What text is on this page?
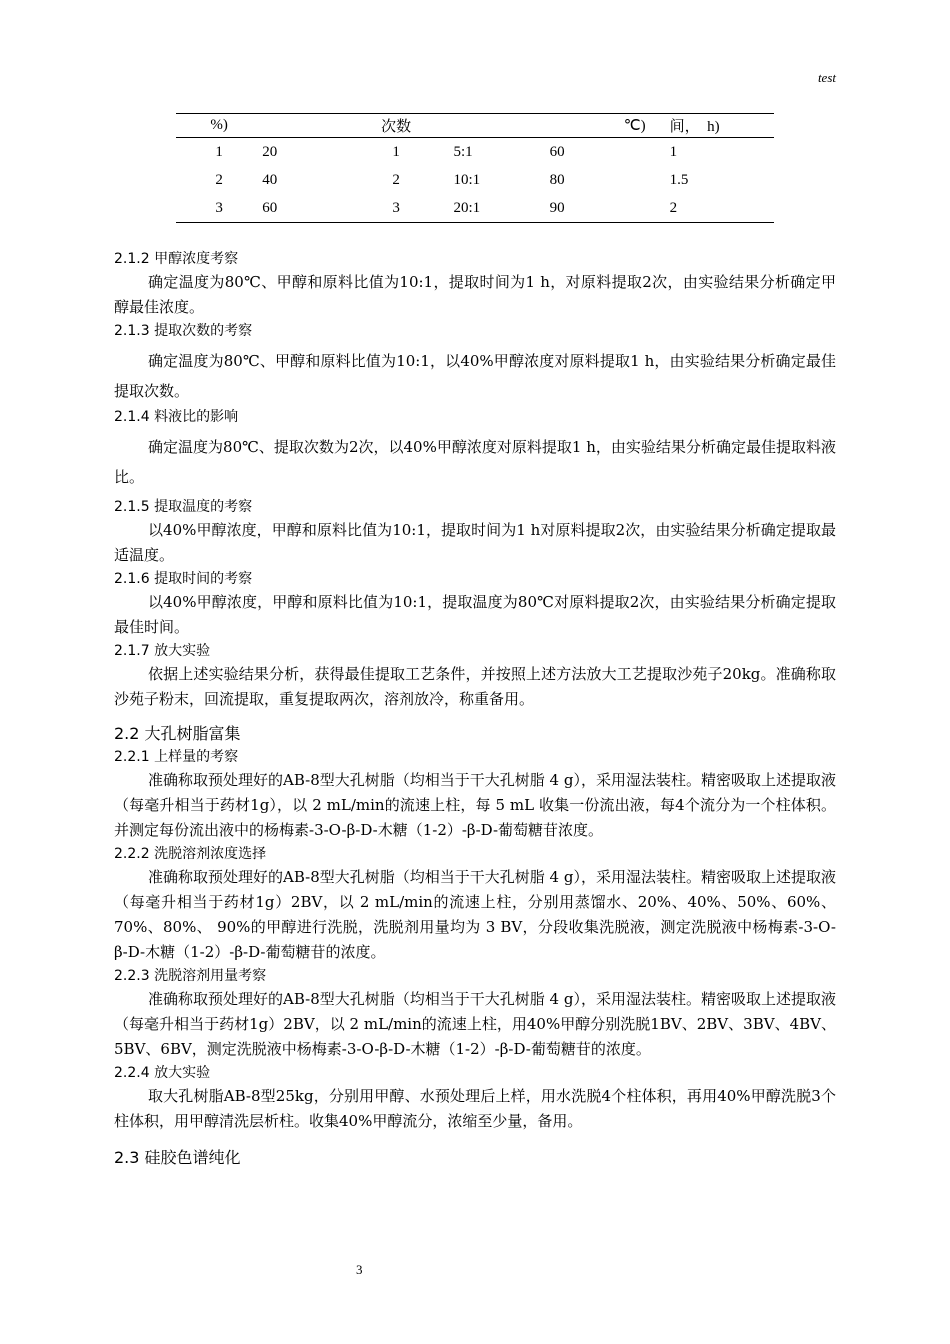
test
%)		次数		℃)	间，　h)
1	20	1	5:1	60	1
2	40	2	10:1	80	1.5
3	60	3	20:1	90	2
2.1.2 甲醇浓度考察

确定温度为80℃、甲醇和原料比值为10:1，提取时间为1 h，对原料提取2次，由实验结果分析确定甲醇最佳浓度。

2.1.3 提取次数的考察

确定温度为80℃、甲醇和原料比值为10:1，以40%甲醇浓度对原料提取1 h，由实验结果分析确定最佳提取次数。

2.1.4 料液比的影响

确定温度为80℃、提取次数为2次，以40%甲醇浓度对原料提取1 h，由实验结果分析确定最佳提取料液比。

2.1.5 提取温度的考察

以40%甲醇浓度，甲醇和原料比值为10:1，提取时间为1 h对原料提取2次，由实验结果分析确定提取最适温度。

2.1.6 提取时间的考察

以40%甲醇浓度，甲醇和原料比值为10:1，提取温度为80℃对原料提取2次，由实验结果分析确定提取最佳时间。

2.1.7 放大实验

依据上述实验结果分析，获得最佳提取工艺条件，并按照上述方法放大工艺提取沙苑子20kg。准确称取沙苑子粉末，回流提取，重复提取两次，溶剂放冷，称重备用。

2.2 大孔树脂富集
2.2.1 上样量的考察

准确称取预处理好的AB-8型大孔树脂（均相当于干大孔树脂 4 g），采用湿法装柱。精密吸取上述提取液（每毫升相当于药材1g），以 2 mL/min的流速上柱，每 5 mL 收集一份流出液，每4个流分为一个柱体积。并测定每份流出液中的杨梅素-3-O-β-D-木糖（1-2）-β-D-葡萄糖苷浓度。

2.2.2 洗脱溶剂浓度选择

准确称取预处理好的AB-8型大孔树脂（均相当于干大孔树脂 4 g），采用湿法装柱。精密吸取上述提取液（每毫升相当于药材1g）2BV，以 2 mL/min的流速上柱，分别用蒸馏水、20%、40%、50%、60%、70%、80%、 90%的甲醇进行洗脱，洗脱剂用量均为 3 BV，分段收集洗脱液，测定洗脱液中杨梅素-3-O-β-D-木糖（1-2）-β-D-葡萄糖苷的浓度。

2.2.3 洗脱溶剂用量考察

准确称取预处理好的AB-8型大孔树脂（均相当于干大孔树脂 4 g），采用湿法装柱。精密吸取上述提取液（每毫升相当于药材1g）2BV，以 2 mL/min的流速上柱，用40%甲醇分别洗脱1BV、2BV、3BV、4BV、5BV、6BV，测定洗脱液中杨梅素-3-O-β-D-木糖（1-2）-β-D-葡萄糖苷的浓度。

2.2.4 放大实验

取大孔树脂AB-8型25kg，分别用甲醇、水预处理后上样，用水洗脱4个柱体积，再用40%甲醇洗脱3个柱体积，用甲醇清洗层析柱。收集40%甲醇流分，浓缩至少量，备用。

2.3 硅胶色谱纯化
3
